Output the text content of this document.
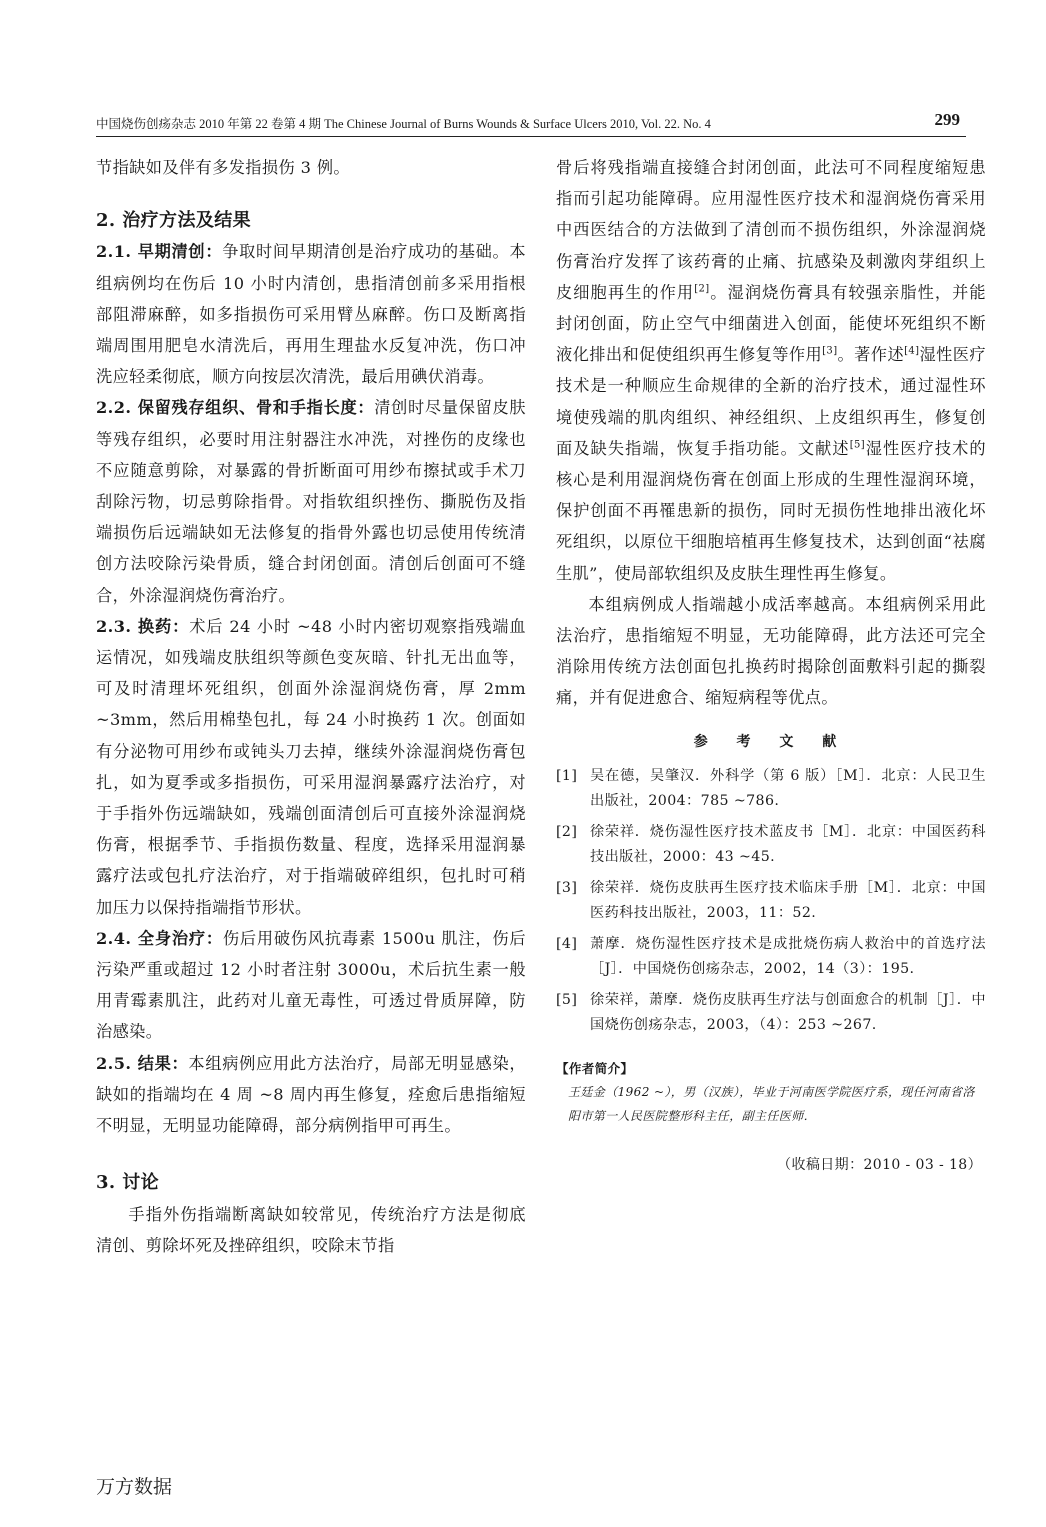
中国烧伤创疡杂志 2010 年第 22 卷第 4 期 The Chinese Journal of Burns Wounds & Surface Ulcers 2010, Vol. 22. No. 4	299

节指缺如及伴有多发指损伤 3 例。

2. 治疗方法及结果

2.1. 早期清创：争取时间早期清创是治疗成功的基础。本组病例均在伤后 10 小时内清创，患指清创前多采用指根部阻滞麻醉，如多指损伤可采用臂丛麻醉。伤口及断离指端周围用肥皂水清洗后，再用生理盐水反复冲洗，伤口冲洗应轻柔彻底，顺方向按层次清洗，最后用碘伏消毒。

2.2. 保留残存组织、骨和手指长度：清创时尽量保留皮肤等残存组织，必要时用注射器注水冲洗，对挫伤的皮缘也不应随意剪除，对暴露的骨折断面可用纱布擦拭或手术刀刮除污物，切忌剪除指骨。对指软组织挫伤、撕脱伤及指端损伤后远端缺如无法修复的指骨外露也切忌使用传统清创方法咬除污染骨质，缝合封闭创面。清创后创面可不缝合，外涂湿润烧伤膏治疗。

2.3. 换药：术后 24 小时 ~48 小时内密切观察指残端血运情况，如残端皮肤组织等颜色变灰暗、针扎无出血等，可及时清理坏死组织，创面外涂湿润烧伤膏，厚 2mm ~3mm，然后用棉垫包扎，每 24 小时换药 1 次。创面如有分泌物可用纱布或钝头刀去掉，继续外涂湿润烧伤膏包扎，如为夏季或多指损伤，可采用湿润暴露疗法治疗，对于手指外伤远端缺如，残端创面清创后可直接外涂湿润烧伤膏，根据季节、手指损伤数量、程度，选择采用湿润暴露疗法或包扎疗法治疗，对于指端破碎组织，包扎时可稍加压力以保持指端指节形状。

2.4. 全身治疗：伤后用破伤风抗毒素 1500u 肌注，伤后污染严重或超过 12 小时者注射 3000u，术后抗生素一般用青霉素肌注，此药对儿童无毒性，可透过骨质屏障，防治感染。

2.5. 结果：本组病例应用此方法治疗，局部无明显感染，缺如的指端均在 4 周 ~8 周内再生修复，痊愈后患指缩短不明显，无明显功能障碍，部分病例指甲可再生。

3. 讨论

手指外伤指端断离缺如较常见，传统治疗方法是彻底清创、剪除坏死及挫碎组织，咬除末节指

骨后将残指端直接缝合封闭创面，此法可不同程度缩短患指而引起功能障碍。应用湿性医疗技术和湿润烧伤膏采用中西医结合的方法做到了清创而不损伤组织，外涂湿润烧伤膏治疗发挥了该药膏的止痛、抗感染及刺激肉芽组织上皮细胞再生的作用[2]。湿润烧伤膏具有较强亲脂性，并能封闭创面，防止空气中细菌进入创面，能使坏死组织不断液化排出和促使组织再生修复等作用[3]。著作述[4]湿性医疗技术是一种顺应生命规律的全新的治疗技术，通过湿性环境使残端的肌肉组织、神经组织、上皮组织再生，修复创面及缺失指端，恢复手指功能。文献述[5]湿性医疗技术的核心是利用湿润烧伤膏在创面上形成的生理性湿润环境，保护创面不再罹患新的损伤，同时无损伤性地排出液化坏死组织，以原位干细胞培植再生修复技术，达到创面“祛腐生肌”，使局部软组织及皮肤生理性再生修复。

本组病例成人指端越小成活率越高。本组病例采用此法治疗，患指缩短不明显，无功能障碍，此方法还可完全消除用传统方法创面包扎换药时揭除创面敷料引起的撕裂痛，并有促进愈合、缩短病程等优点。

参 考 文 献
[1] 吴在德，吴肇汉．外科学（第 6 版）［M］．北京：人民卫生出版社，2004：785 ~786.
[2] 徐荣祥．烧伤湿性医疗技术蓝皮书［M］．北京：中国医药科技出版社，2000：43 ~45.
[3] 徐荣祥．烧伤皮肤再生医疗技术临床手册［M］．北京：中国医药科技出版社，2003，11：52.
[4] 萧摩．烧伤湿性医疗技术是成批烧伤病人救治中的首选疗法［J］．中国烧伤创疡杂志，2002，14（3）：195.
[5] 徐荣祥，萧摩．烧伤皮肤再生疗法与创面愈合的机制［J］．中国烧伤创疡杂志，2003，（4）：253 ~267.
【作者简介】
王廷金（1962 ~），男（汉族），毕业于河南医学院医疗系，现任河南省洛阳市第一人民医院整形科主任，副主任医师．
（收稿日期：2010 - 03 - 18）
万方数据
